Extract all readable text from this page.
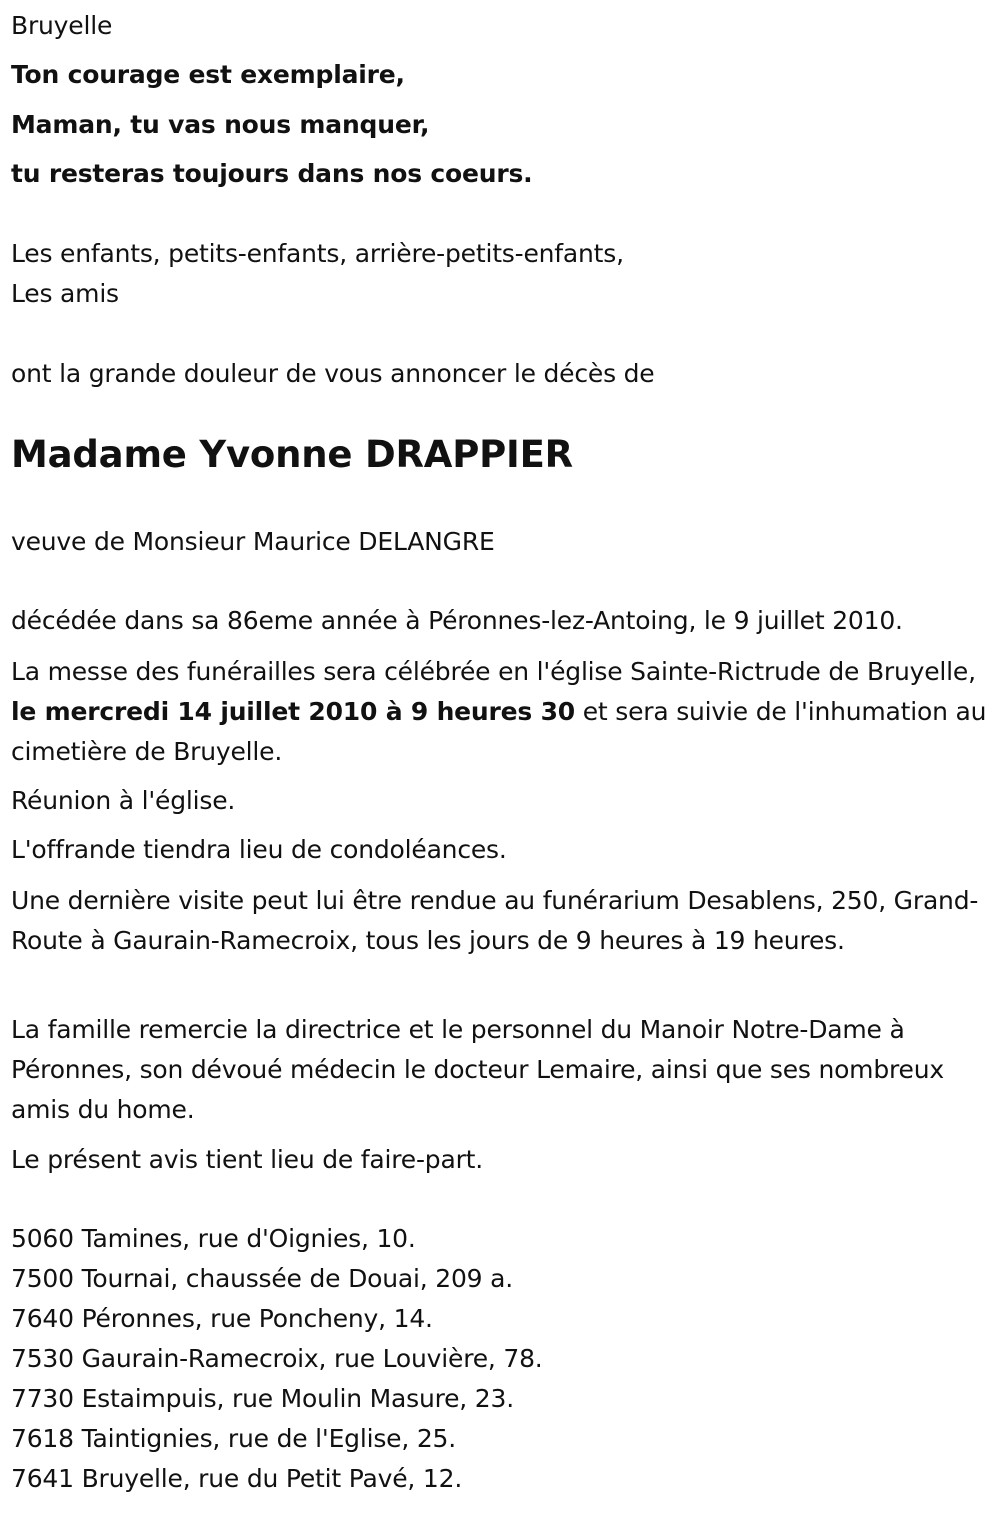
Bruyelle

Ton courage est exemplaire,

Maman, tu vas nous manquer,

tu resteras toujours dans nos coeurs.

Les enfants, petits-enfants, arrière-petits-enfants,

Les amis

ont la grande douleur de vous annoncer le décès de

Madame Yvonne DRAPPIER

veuve de Monsieur Maurice DELANGRE

décédée dans sa 86eme année à Péronnes-lez-Antoing, le 9 juillet 2010.

La messe des funérailles sera célébrée en l'église Sainte-Rictrude de Bruyelle, le mercredi 14 juillet 2010 à 9 heures 30 et sera suivie de l'inhumation au cimetière de Bruyelle.

Réunion à l'église.

L'offrande tiendra lieu de condoléances.

Une dernière visite peut lui être rendue au funérarium Desablens, 250, Grand-Route à Gaurain-Ramecroix, tous les jours de 9 heures à 19 heures.

La famille remercie la directrice et le personnel du Manoir Notre-Dame à Péronnes, son dévoué médecin le docteur Lemaire, ainsi que ses nombreux amis du home.

Le présent avis tient lieu de faire-part.

5060 Tamines, rue d'Oignies, 10.
7500 Tournai, chaussée de Douai, 209 a.
7640 Péronnes, rue Poncheny, 14.
7530 Gaurain-Ramecroix, rue Louvière, 78.
7730 Estaimpuis, rue Moulin Masure, 23.
7618 Taintignies, rue de l'Eglise, 25.
7641 Bruyelle, rue du Petit Pavé, 12.
